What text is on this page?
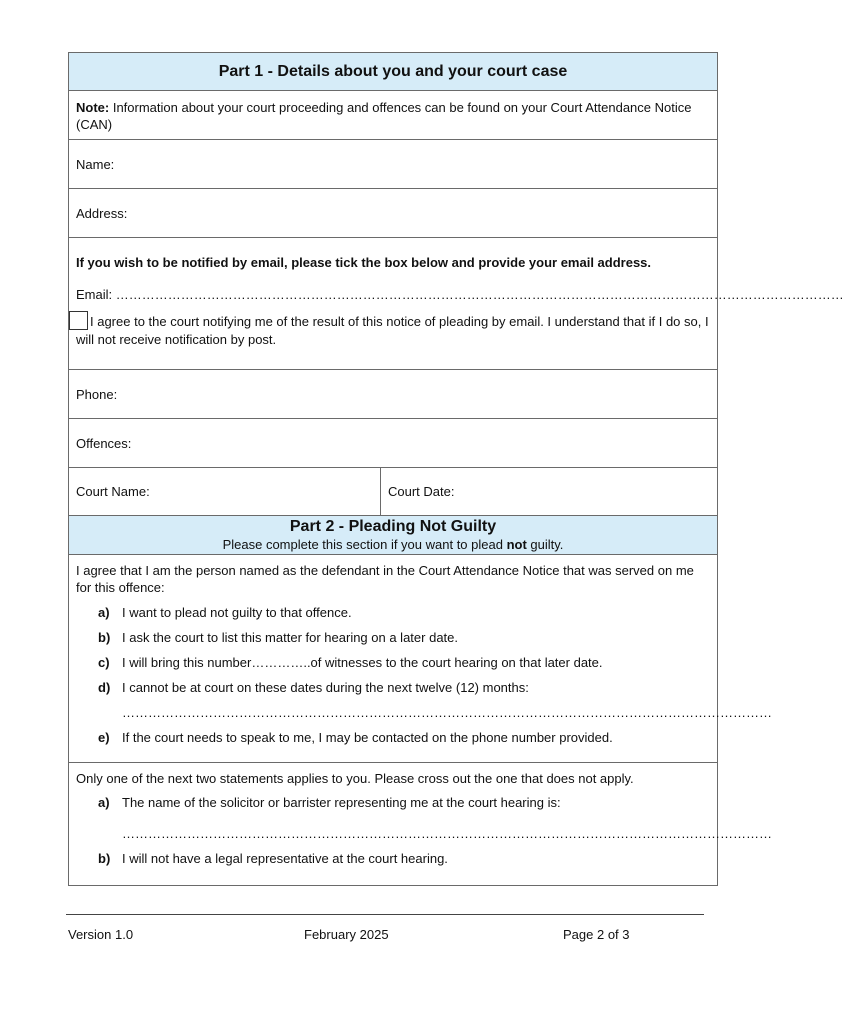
Part 1 - Details about you and your court case
Note: Information about your court proceeding and offences can be found on your Court Attendance Notice (CAN)
Name:
Address:
If you wish to be notified by email, please tick the box below and provide your email address.
Email: ……………………………………………………………………………………………………………………………………………………
I agree to the court notifying me of the result of this notice of pleading by email. I understand that if I do so, I will not receive notification by post.
Phone:
Offences:
Court Name:	Court Date:
Part 2 - Pleading Not Guilty
Please complete this section if you want to plead not guilty.
I agree that I am the person named as the defendant in the Court Attendance Notice that was served on me for this offence:
a) I want to plead not guilty to that offence.
b) I ask the court to list this matter for hearing on a later date.
c) I will bring this number…………..of witnesses to the court hearing on that later date.
d) I cannot be at court on these dates during the next twelve (12) months:
……………………………………………………………………………………………………………………………………
e) If the court needs to speak to me, I may be contacted on the phone number provided.
Only one of the next two statements applies to you. Please cross out the one that does not apply.
a) The name of the solicitor or barrister representing me at the court hearing is:
……………………………………………………………………………………………………………………………………
b) I will not have a legal representative at the court hearing.
Version 1.0	February 2025	Page 2 of 3
